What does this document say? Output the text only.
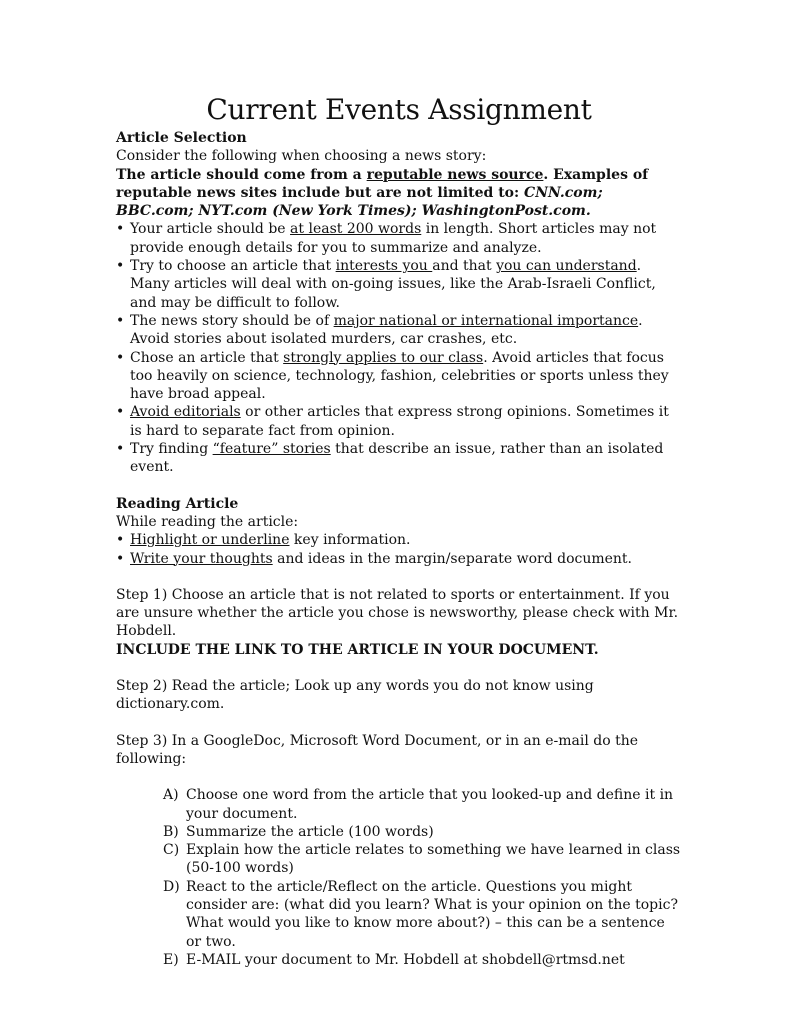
Current Events Assignment

Article Selection

Consider the following when choosing a news story:

The article should come from a reputable news source. Examples of reputable news sites include but are not limited to: CNN.com; BBC.com; NYT.com (New York Times); WashingtonPost.com.

• Your article should be at least 200 words in length. Short articles may not provide enough details for you to summarize and analyze.
• Try to choose an article that interests you and that you can understand. Many articles will deal with on-going issues, like the Arab-Israeli Conflict, and may be difficult to follow.
• The news story should be of major national or international importance. Avoid stories about isolated murders, car crashes, etc.
• Chose an article that strongly applies to our class. Avoid articles that focus too heavily on science, technology, fashion, celebrities or sports unless they have broad appeal.
• Avoid editorials or other articles that express strong opinions. Sometimes it is hard to separate fact from opinion.
• Try finding “feature” stories that describe an issue, rather than an isolated event.

Reading Article

While reading the article:

• Highlight or underline key information.
• Write your thoughts and ideas in the margin/separate word document.

Step 1) Choose an article that is not related to sports or entertainment. If you are unsure whether the article you chose is newsworthy, please check with Mr. Hobdell.
INCLUDE THE LINK TO THE ARTICLE IN YOUR DOCUMENT.

Step 2) Read the article; Look up any words you do not know using dictionary.com.

Step 3) In a GoogleDoc, Microsoft Word Document, or in an e-mail do the following:

A) Choose one word from the article that you looked-up and define it in your document.
B) Summarize the article (100 words)
C) Explain how the article relates to something we have learned in class (50-100 words)
D) React to the article/Reflect on the article. Questions you might consider are: (what did you learn? What is your opinion on the topic? What would you like to know more about?) – this can be a sentence or two.
E) E-MAIL your document to Mr. Hobdell at shobdell@rtmsd.net
